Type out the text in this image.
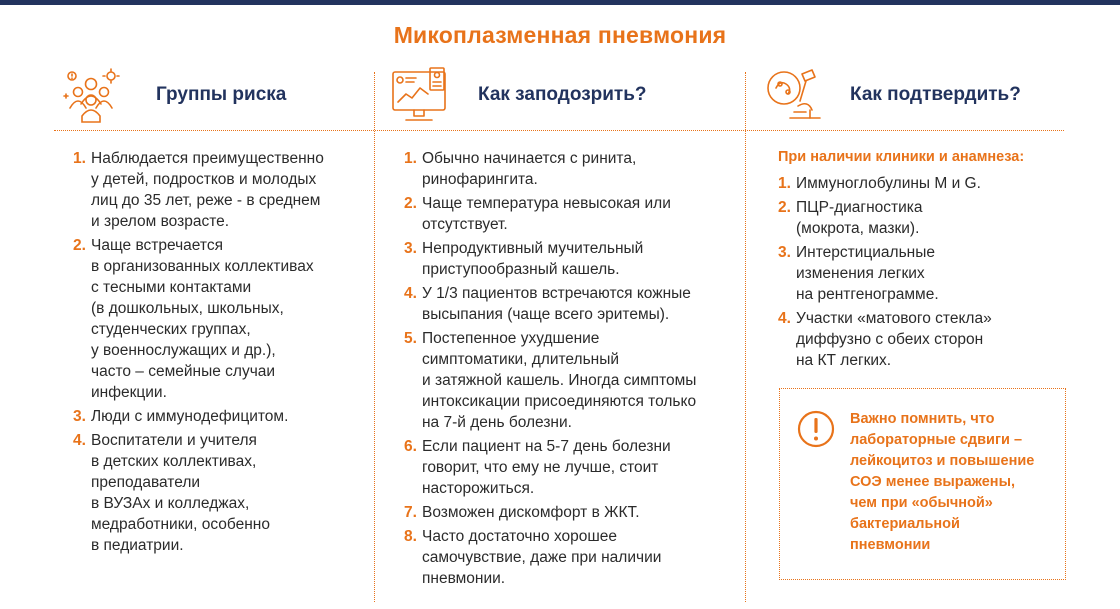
Микоплазменная пневмония
Группы риска	Как заподозрить?	Как подтвердить?
1. Наблюдается преимущественно
у детей, подростков и молодых
лиц до 35 лет, реже - в среднем
и зрелом возрасте.
2. Чаще встречается
в организованных коллективах
с тесными контактами
(в дошкольных, школьных,
студенческих группах,
у военнослужащих и др.),
часто – семейные случаи
инфекции.
3. Люди с иммунодефицитом.
4. Воспитатели и учителя
в детских коллективах,
преподаватели
в ВУЗАх и колледжах,
медработники, особенно
в педиатрии.
1. Обычно начинается с ринита,
ринофарингита.
2. Чаще температура невысокая или
отсутствует.
3. Непродуктивный мучительный
приступообразный кашель.
4. У 1/3 пациентов встречаются кожные
высыпания (чаще всего эритемы).
5. Постепенное ухудшение
симптоматики, длительный
и затяжной кашель. Иногда симптомы
интоксикации присоединяются только
на 7-й день болезни.
6. Если пациент на 5-7 день болезни
говорит, что ему не лучше, стоит
насторожиться.
7. Возможен дискомфорт в ЖКТ.
8. Часто достаточно хорошее
самочувствие, даже при наличии
пневмонии.
При наличии клиники и анамнеза:
1. Иммуноглобулины М и G.
2. ПЦР-диагностика
(мокрота, мазки).
3. Интерстициальные
изменения легких
на рентгенограмме.
4. Участки «матового стекла»
диффузно с обеих сторон
на КТ легких.
Важно помнить, что
лабораторные сдвиги –
лейкоцитоз и повышение
СОЭ менее выражены,
чем при «обычной»
бактериальной
пневмонии
